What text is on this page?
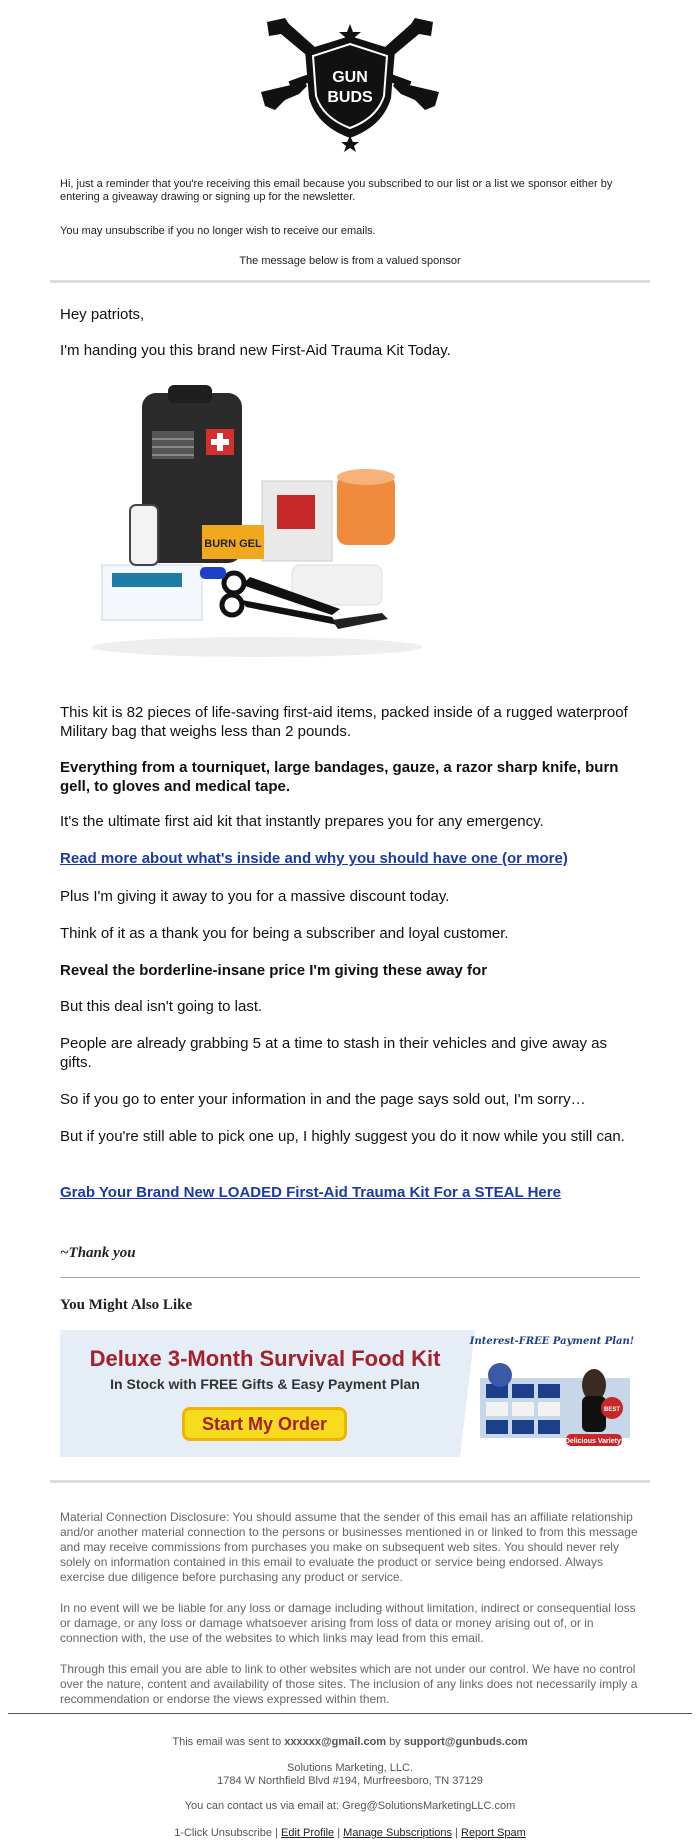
GUN
BUDS
Hi, just a reminder that you're receiving this email because you subscribed to our list or a list we sponsor either by entering a giveaway drawing or signing up for the newsletter.
You may unsubscribe if you no longer wish to receive our emails.
The message below is from a valued sponsor
Hey patriots,
I'm handing you this brand new First-Aid Trauma Kit Today.
BURN GEL
This kit is 82 pieces of life-saving first-aid items, packed inside of a rugged waterproof Military bag that weighs less than 2 pounds.
Everything from a tourniquet, large bandages, gauze, a razor sharp knife, burn gell, to gloves and medical tape.
It's the ultimate first aid kit that instantly prepares you for any emergency.
Read more about what's inside and why you should have one (or more)
Plus I'm giving it away to you for a massive discount today.
Think of it as a thank you for being a subscriber and loyal customer.
Reveal the borderline-insane price I'm giving these away for
But this deal isn't going to last.
People are already grabbing 5 at a time to stash in their vehicles and give away as gifts.
So if you go to enter your information in and the page says sold out, I'm sorry…
But if you're still able to pick one up, I highly suggest you do it now while you still can.
Grab Your Brand New LOADED First-Aid Trauma Kit For a STEAL Here
~Thank you
You Might Also Like
Interest-FREE Payment Plan!
BEST
Delicious Variety!
Deluxe 3-Month Survival Food Kit
In Stock with FREE Gifts & Easy Payment Plan
Start My Order
Material Connection Disclosure: You should assume that the sender of this email has an affiliate relationship and/or another material connection to the persons or businesses mentioned in or linked to from this message and may receive commissions from purchases you make on subsequent web sites. You should never rely solely on information contained in this email to evaluate the product or service being endorsed. Always exercise due diligence before purchasing any product or service.
In no event will we be liable for any loss or damage including without limitation, indirect or consequential loss or damage, or any loss or damage whatsoever arising from loss of data or money arising out of, or in connection with, the use of the websites to which links may lead from this email.
Through this email you are able to link to other websites which are not under our control. We have no control over the nature, content and availability of those sites. The inclusion of any links does not necessarily imply a recommendation or endorse the views expressed within them.
This email was sent to xxxxxx@gmail.com by support@gunbuds.com
Solutions Marketing, LLC.
1784 W Northfield Blvd #194, Murfreesboro, TN 37129
You can contact us via email at: Greg@SolutionsMarketingLLC.com
1-Click Unsubscribe | Edit Profile | Manage Subscriptions | Report Spam
